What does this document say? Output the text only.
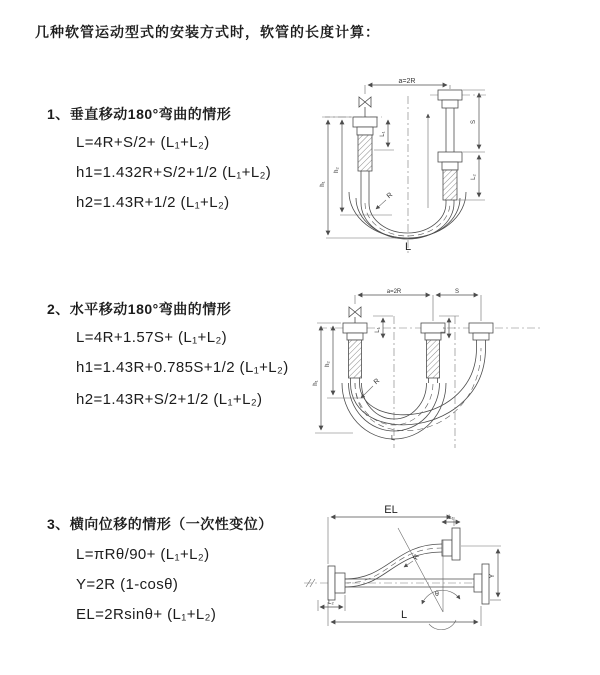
几种软管运动型式的安装方式时，软管的长度计算：
1、垂直移动180°弯曲的情形
L=4R+S/2+ (L₁+L₂)
h1=1.432R+S/2+1/2 (L₁+L₂)
h2=1.43R+1/2 (L₁+L₂)
2、水平移动180°弯曲的情形
L=4R+1.57S+ (L₁+L₂)
h1=1.43R+0.785S+1/2 (L₁+L₂)
h2=1.43R+S/2+1/2 (L₁+L₂)
3、横向位移的情形（一次性变位）
L=πRθ/90+ (L₁+L₂)
Y=2R (1-cosθ)
EL=2Rsinθ+ (L₁+L₂)
a=2R
R
h₂
h₁
L₁
S
L₂
L
a=2R	S
R
h₂
h₁
L₁	L₂
L
EL
L₁
θ
R
Y
L₂
L
